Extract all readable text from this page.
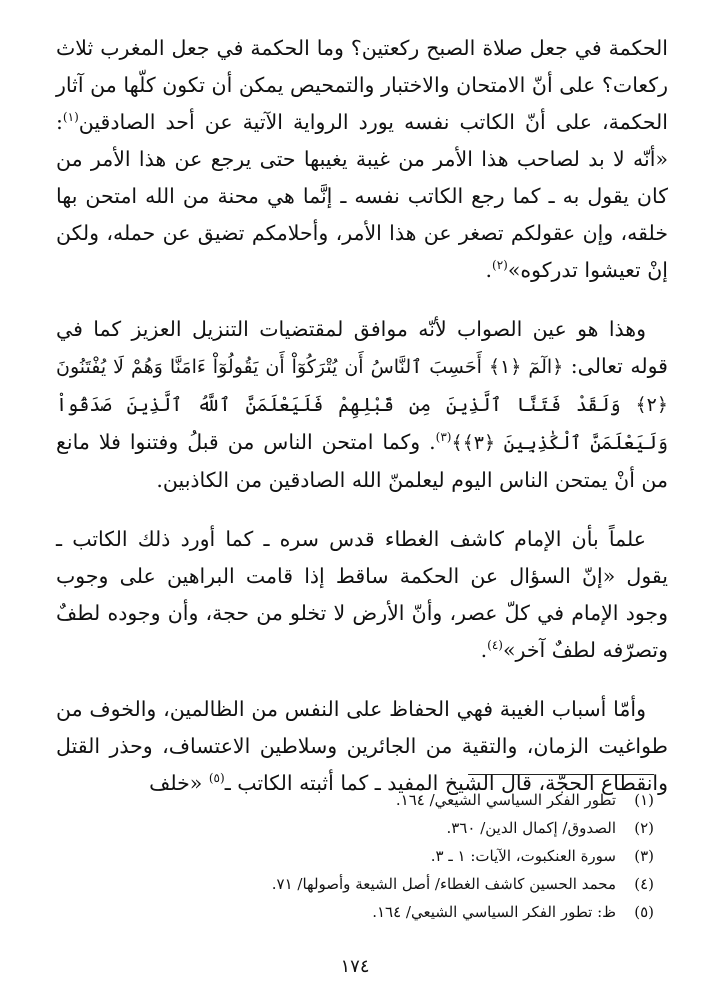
الحكمة في جعل صلاة الصبح ركعتين؟ وما الحكمة في جعل المغرب ثلاث ركعات؟ على أنّ الامتحان والاختبار والتمحيص يمكن أن تكون كلّها من آثار الحكمة، على أنّ الكاتب نفسه يورد الرواية الآتية عن أحد الصادقين$^{(١)}$: «أنّه لا بد لصاحب هذا الأمر من غيبة يغيبها حتى يرجع عن هذا الأمر من كان يقول به ـ كما رجع الكاتب نفسه ـ إنَّما هي محنة من الله امتحن بها خلقه، وإن عقولكم تصغر عن هذا الأمر، وأحلامكم تضيق عن حمله، ولكن إنْ تعيشوا تدركوه»$^{(٢)}$.

وهذا هو عين الصواب لأنّه موافق لمقتضيات التنزيل العزيز كما في قوله تعالى: ﴿الٓمٓ ﴿١﴾ أَحَسِبَ ٱلنَّاسُ أَن يُتْرَكُوٓاْ أَن يَقُولُوٓاْ ءَامَنَّا وَهُمْ لَا يُفْتَنُونَ ﴿٢﴾ وَلَقَدْ فَتَنَّا ٱلَّذِينَ مِن قَبْلِهِمْ فَلَيَعْلَمَنَّ ٱللَّهُ ٱلَّذِينَ صَدَقُواْ وَلَيَعْلَمَنَّ ٱلْكَٰذِبِينَ ﴿٣﴾﴾$^{(٣)}$. وكما امتحن الناس من قبلُ وفتنوا فلا مانع من أنْ يمتحن الناس اليوم ليعلمنّ الله الصادقين من الكاذبين.

علماً بأن الإمام كاشف الغطاء قدس سره ـ كما أورد ذلك الكاتب ـ يقول «إنّ السؤال عن الحكمة ساقط إذا قامت البراهين على وجوب وجود الإمام في كلّ عصر، وأنّ الأرض لا تخلو من حجة، وأن وجوده لطفٌ وتصرّفه لطفٌ آخر»$^{(٤)}$.

وأمّا أسباب الغيبة فهي الحفاظ على النفس من الظالمين، والخوف من طواغيت الزمان، والتقية من الجائرين وسلاطين الاعتساف، وحذر القتل وانقطاع الحجّة، قال الشيخ المفيد ـ كما أثبته الكاتب ـ$^{(٥)}$ «خلف

(١)
تطور الفكر السياسي الشيعي/ ١٦٤.
(٢)
الصدوق/ إكمال الدين/ ٣٦٠.
(٣)
سورة العنكبوت، الآيات: ١ ـ ٣.
(٤)
محمد الحسين كاشف الغطاء/ أصل الشيعة وأصولها/ ٧١.
(٥)
ظ: تطور الفكر السياسي الشيعي/ ١٦٤.
١٧٤
